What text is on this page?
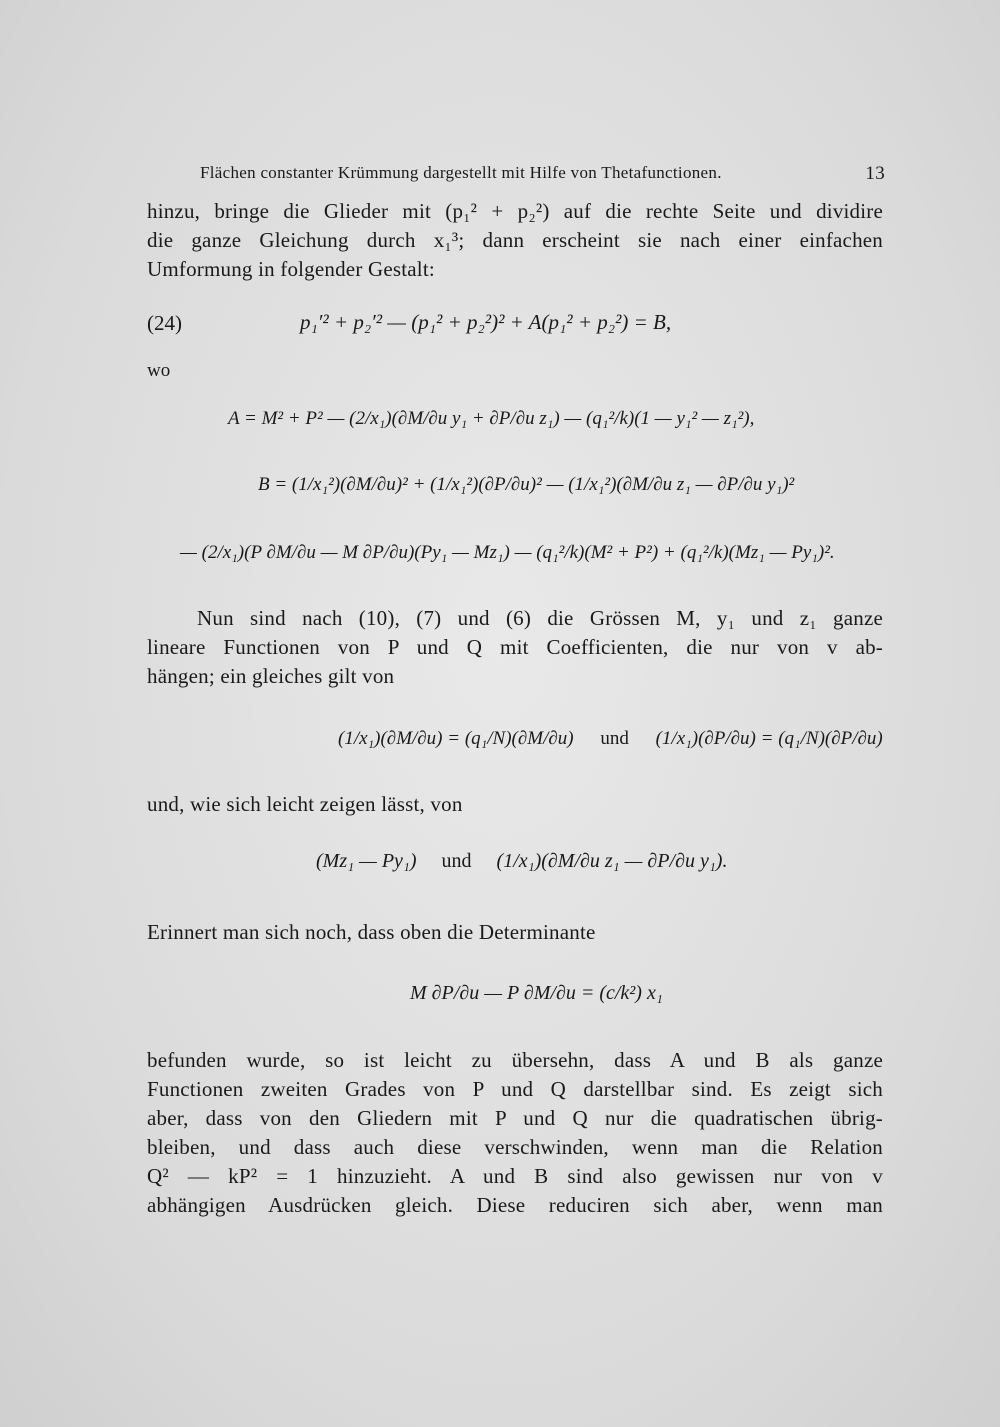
Flächen constanter Krümmung dargestellt mit Hilfe von Thetafunctionen.	13
hinzu, bringe die Glieder mit (p₁² + p₂²) auf die rechte Seite und dividire
die ganze Gleichung durch x₁³; dann erscheint sie nach einer einfachen
Umformung in folgender Gestalt:
(24)	p₁′² + p₂′² — (p₁² + p₂²)² + A(p₁² + p₂²) = B,
wo
A = M² + P² — (2/x₁)(∂M/∂u y₁ + ∂P/∂u z₁) — (q₁²/k)(1 — y₁² — z₁²),
B = (1/x₁²)(∂M/∂u)² + (1/x₁²)(∂P/∂u)² — (1/x₁²)(∂M/∂u z₁ — ∂P/∂u y₁)²
— (2/x₁)(P ∂M/∂u — M ∂P/∂u)(Py₁ — Mz₁) — (q₁²/k)(M² + P²) + (q₁²/k)(Mz₁ — Py₁)².
Nun sind nach (10), (7) und (6) die Grössen M, y₁ und z₁ ganze
lineare Functionen von P und Q mit Coefficienten, die nur von v ab-
hängen; ein gleiches gilt von
(1/x₁)(∂M/∂u) = (q₁/N)(∂M/∂u) und (1/x₁)(∂P/∂u) = (q₁/N)(∂P/∂u)
und, wie sich leicht zeigen lässt, von
(Mz₁ — Py₁) und (1/x₁)(∂M/∂u z₁ — ∂P/∂u y₁).
Erinnert man sich noch, dass oben die Determinante
M ∂P/∂u — P ∂M/∂u = (c/k²) x₁
befunden wurde, so ist leicht zu übersehn, dass A und B als ganze
Functionen zweiten Grades von P und Q darstellbar sind. Es zeigt sich
aber, dass von den Gliedern mit P und Q nur die quadratischen übrig-
bleiben, und dass auch diese verschwinden, wenn man die Relation
Q² — kP² = 1 hinzuzieht. A und B sind also gewissen nur von v
abhängigen Ausdrücken gleich. Diese reduciren sich aber, wenn man
